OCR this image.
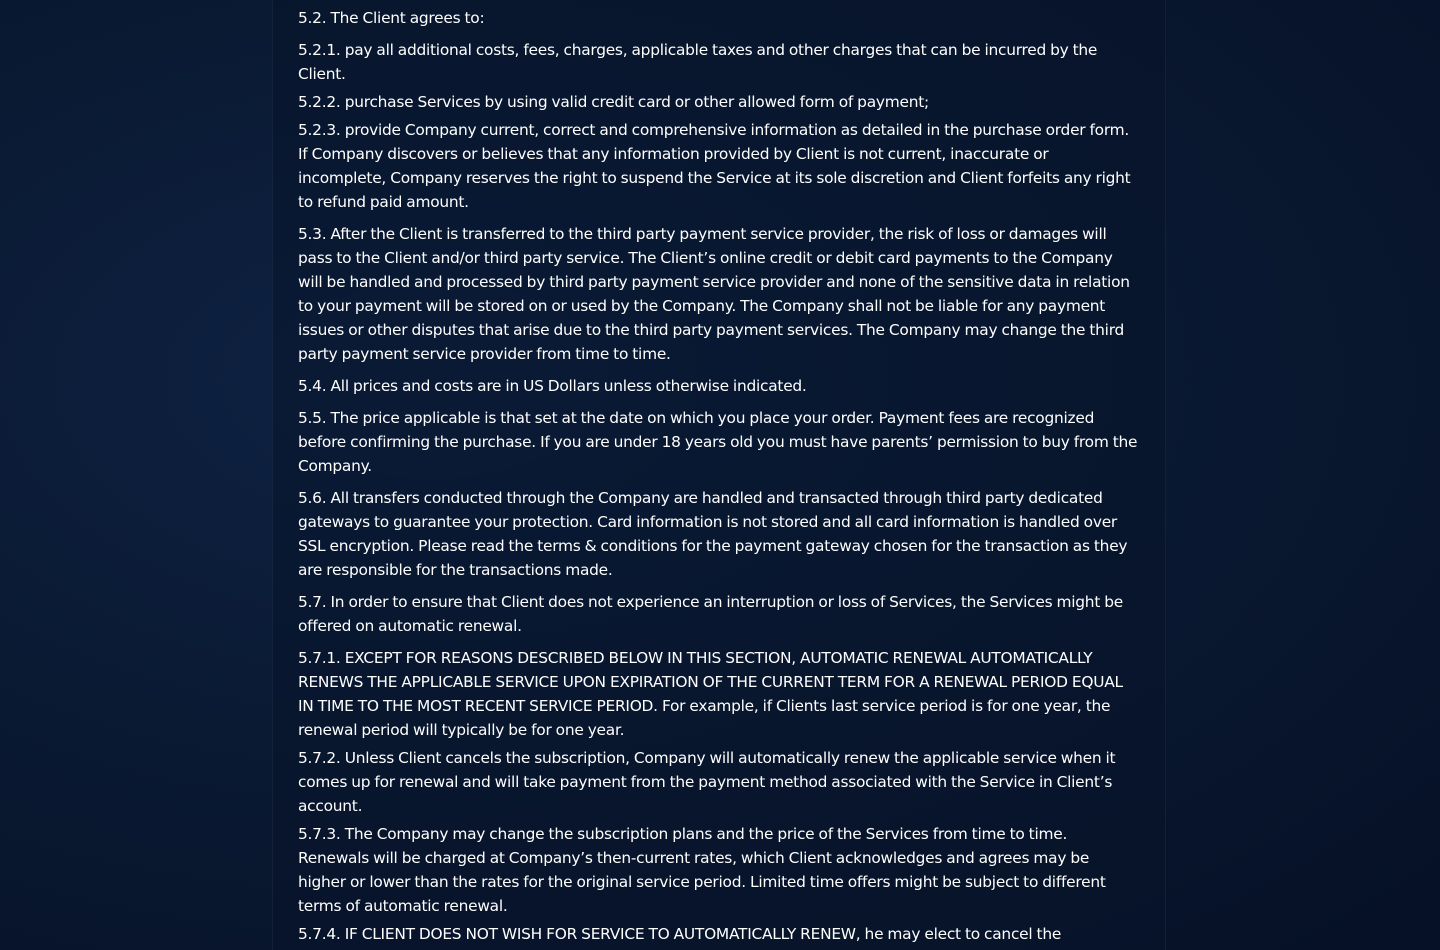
5.2. The Client agrees to:

5.2.1. pay all additional costs, fees, charges, applicable taxes and other charges that can be incurred by the Client.

5.2.2. purchase Services by using valid credit card or other allowed form of payment;

5.2.3. provide Company current, correct and comprehensive information as detailed in the purchase order form. If Company discovers or believes that any information provided by Client is not current, inaccurate or incomplete, Company reserves the right to suspend the Service at its sole discretion and Client forfeits any right to refund paid amount.

5.3. After the Client is transferred to the third party payment service provider, the risk of loss or damages will pass to the Client and/or third party service. The Client’s online credit or debit card payments to the Company will be handled and processed by third party payment service provider and none of the sensitive data in relation to your payment will be stored on or used by the Company. The Company shall not be liable for any payment issues or other disputes that arise due to the third party payment services. The Company may change the third party payment service provider from time to time.

5.4. All prices and costs are in US Dollars unless otherwise indicated.

5.5. The price applicable is that set at the date on which you place your order. Payment fees are recognized before confirming the purchase. If you are under 18 years old you must have parents’ permission to buy from the Company.

5.6. All transfers conducted through the Company are handled and transacted through third party dedicated gateways to guarantee your protection. Card information is not stored and all card information is handled over SSL encryption. Please read the terms & conditions for the payment gateway chosen for the transaction as they are responsible for the transactions made.

5.7. In order to ensure that Client does not experience an interruption or loss of Services, the Services might be offered on automatic renewal.

5.7.1. EXCEPT FOR REASONS DESCRIBED BELOW IN THIS SECTION, AUTOMATIC RENEWAL AUTOMATICALLY RENEWS THE APPLICABLE SERVICE UPON EXPIRATION OF THE CURRENT TERM FOR A RENEWAL PERIOD EQUAL IN TIME TO THE MOST RECENT SERVICE PERIOD. For example, if Clients last service period is for one year, the renewal period will typically be for one year.

5.7.2. Unless Client cancels the subscription, Company will automatically renew the applicable service when it comes up for renewal and will take payment from the payment method associated with the Service in Client’s account.

5.7.3. The Company may change the subscription plans and the price of the Services from time to time. Renewals will be charged at Company’s then-current rates, which Client acknowledges and agrees may be higher or lower than the rates for the original service period. Limited time offers might be subject to different terms of automatic renewal.

5.7.4. IF CLIENT DOES NOT WISH FOR SERVICE TO AUTOMATICALLY RENEW, he may elect to cancel the
